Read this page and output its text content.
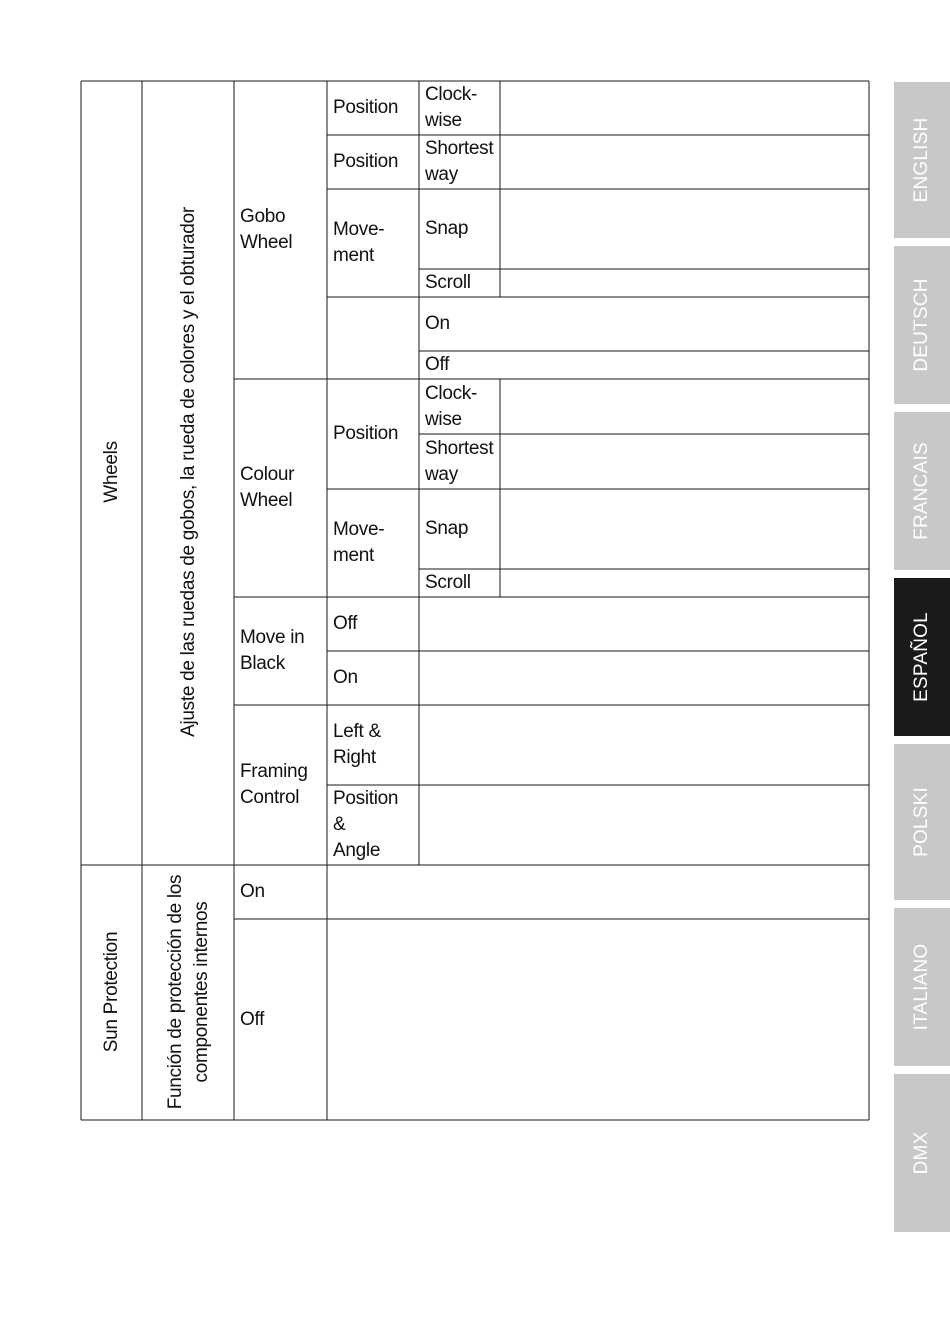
Wheels	Ajuste de las ruedas de gobos, la rueda de colores y el obturador	Gobo
Wheel
Position
Clock-
wise
Position
Shortest
way
Move-
ment
Snap
Scroll
On
Off
Colour
Wheel
Position
Clock-
wise
Shortest
way
Move-
ment
Snap
Scroll
Move in
Black
Off
On
Framing
Control
Left &
Right
Position &
Angle
Sun Protection
Función de protección de los
componentes internos
On
Off
ENGLISH
DEUTSCH
FRANCAIS
ESPAÑOL
POLSKI
ITALIANO
DMX
